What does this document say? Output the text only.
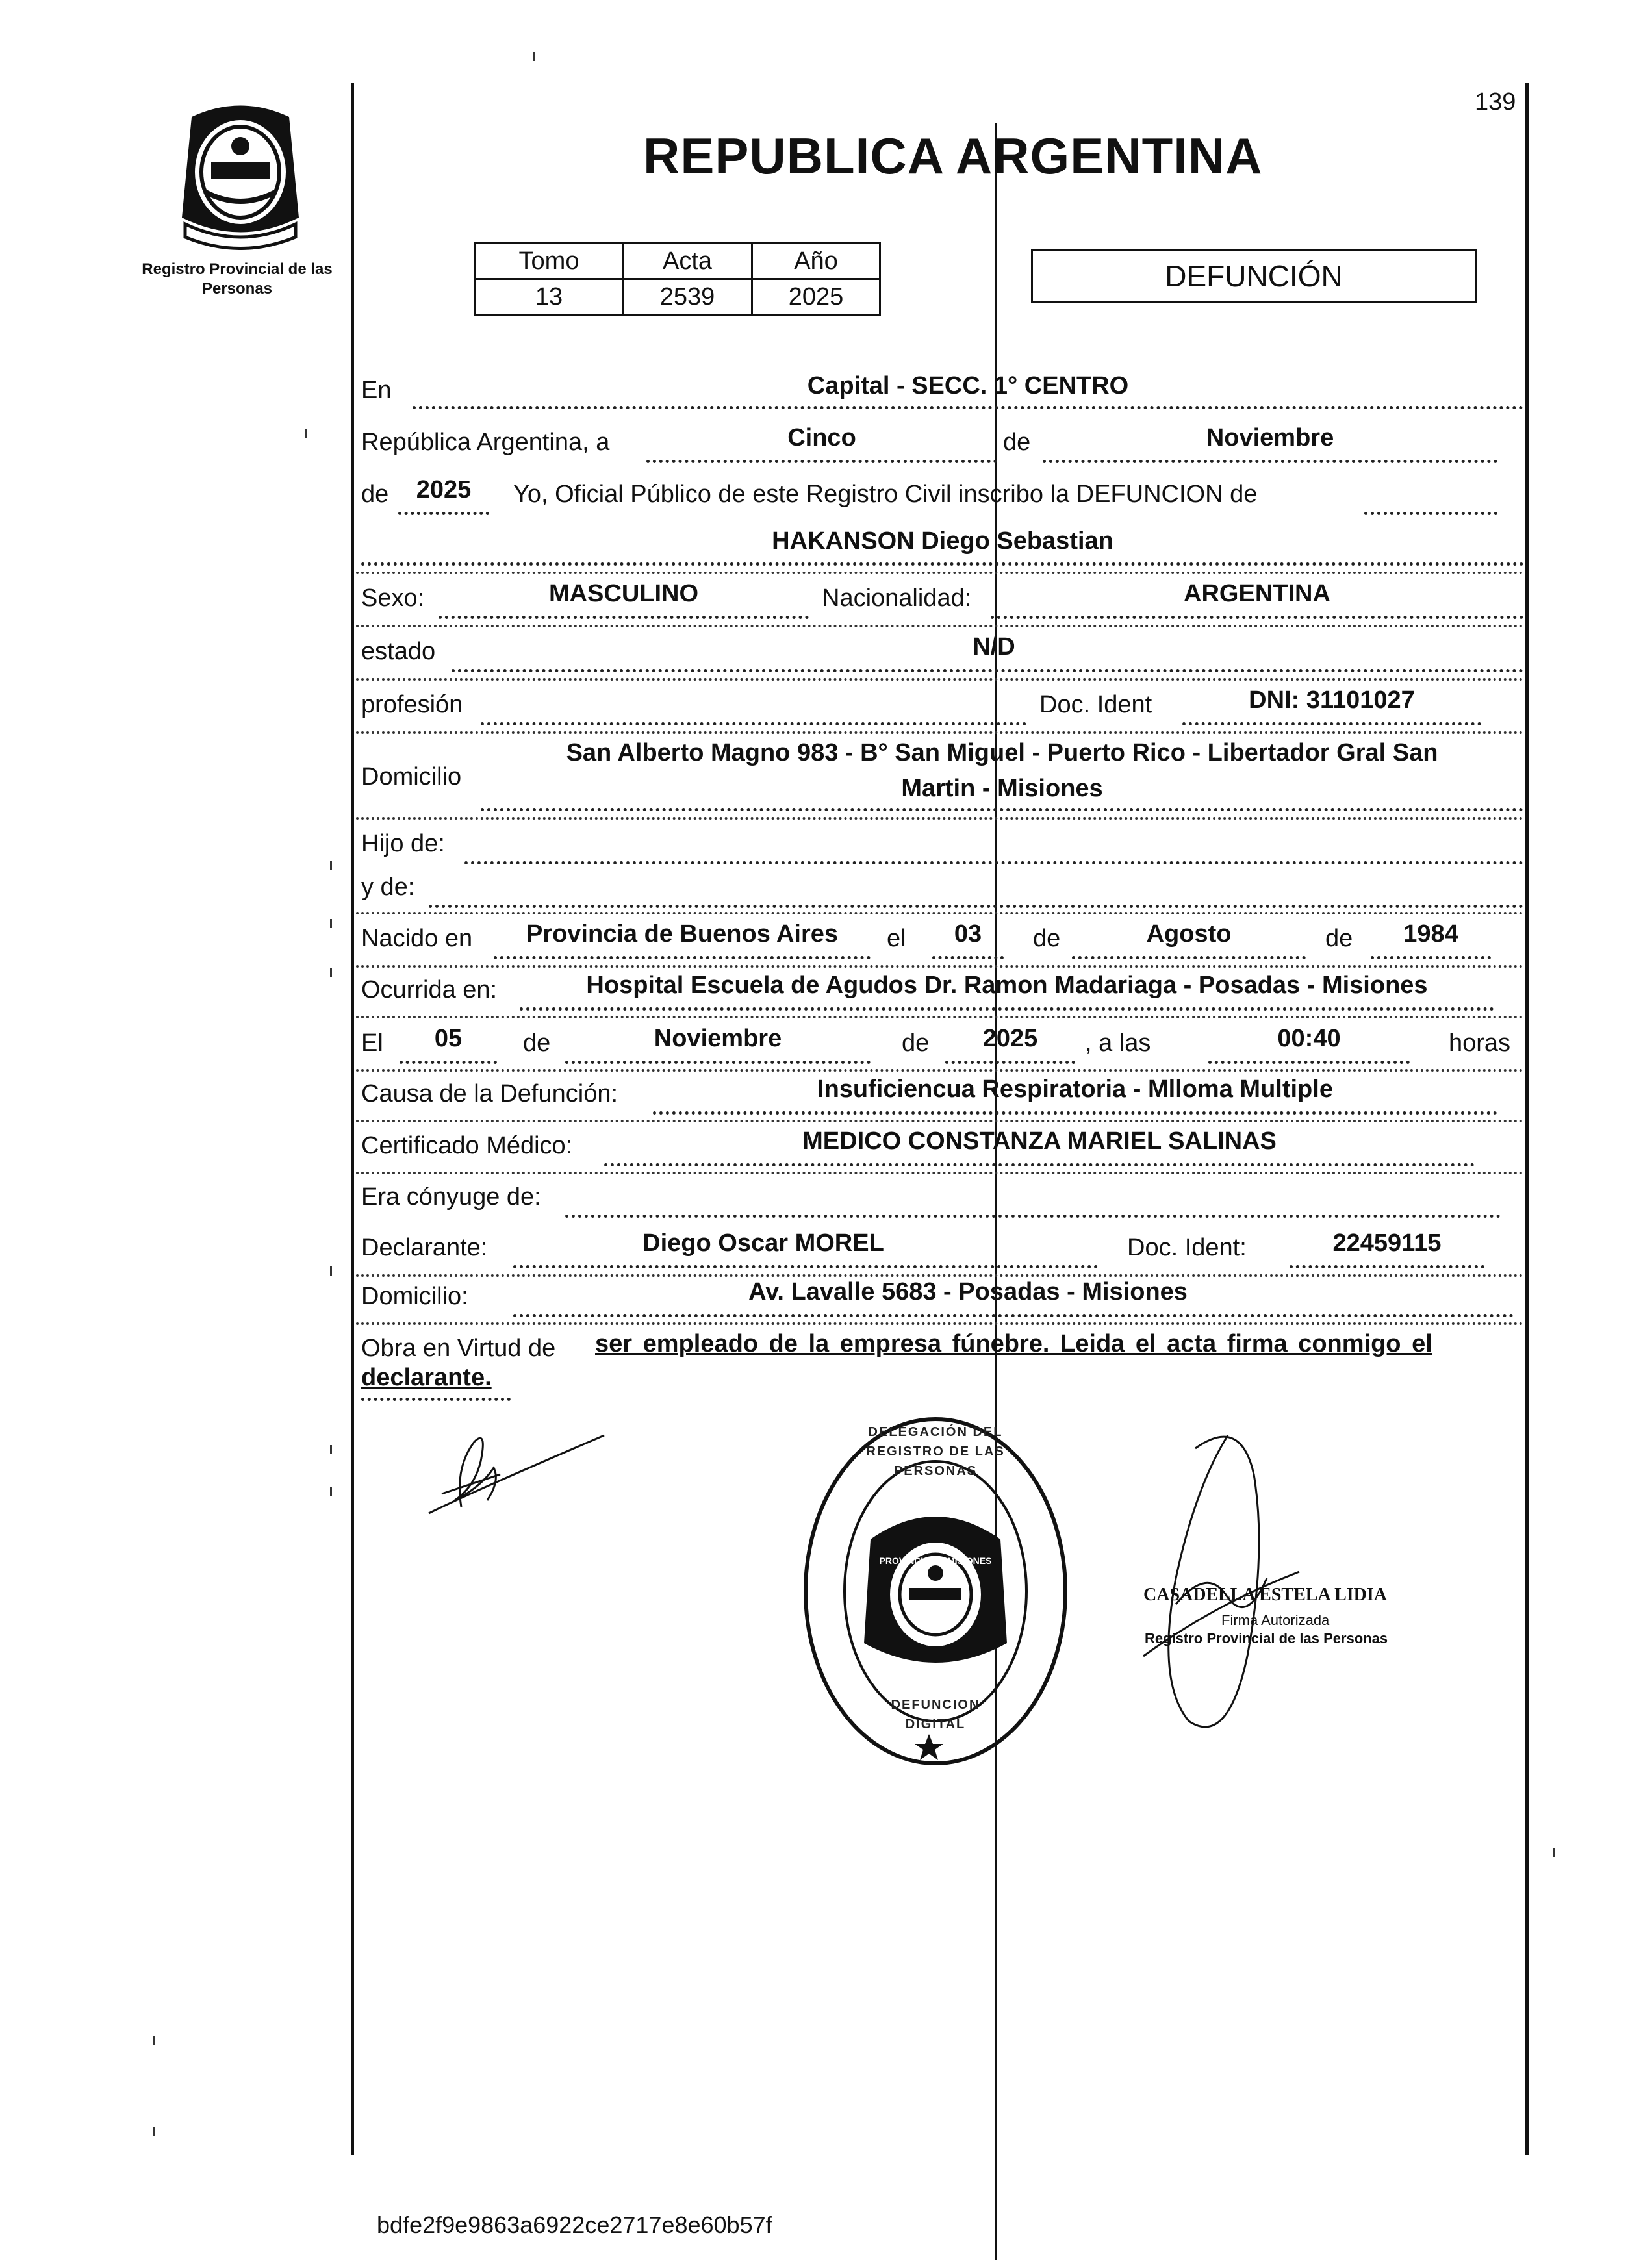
139
Registro Provincial de las Personas
REPUBLICA ARGENTINA
Tomo	Acta	Año
13	2539	2025
DEFUNCIÓN
En	Capital - SECC. 1° CENTRO
República Argentina, a	Cinco	de	Noviembre
de	2025	Yo, Oficial Público de este Registro Civil inscribo la DEFUNCION de
HAKANSON Diego Sebastian
Sexo:	MASCULINO	Nacionalidad:	ARGENTINA
estado	N/D
profesión	Doc. Ident	DNI: 31101027
Domicilio
San Alberto Magno 983 - B° San Miguel - Puerto Rico - Libertador Gral San
Martin - Misiones
Hijo de:
y de:
Nacido en	Provincia de Buenos Aires	el	03	de	Agosto	de	1984
Ocurrida en:	Hospital Escuela de Agudos Dr. Ramon Madariaga - Posadas - Misiones
El	05	de	Noviembre	de	2025	, a las	00:40	horas
Causa de la Defunción:	Insuficiencua Respiratoria - Mlloma Multiple
Certificado Médico:	MEDICO CONSTANZA MARIEL SALINAS
Era cónyuge de:
Declarante:	Diego Oscar MOREL	Doc. Ident:	22459115
Domicilio:	Av. Lavalle 5683 - Posadas - Misiones
Obra en Virtud de ser empleado de la empresa fúnebre. Leida el acta firma conmigo el
declarante.
DELEGACIÓN DEL REGISTRO DE LAS PERSONAS
DEFUNCION DIGITAL
PROVINCIA DE MISIONES
CASADELLA ESTELA LIDIA
Firma Autorizada
Registro Provincial de las Personas
bdfe2f9e9863a6922ce2717e8e60b57f
